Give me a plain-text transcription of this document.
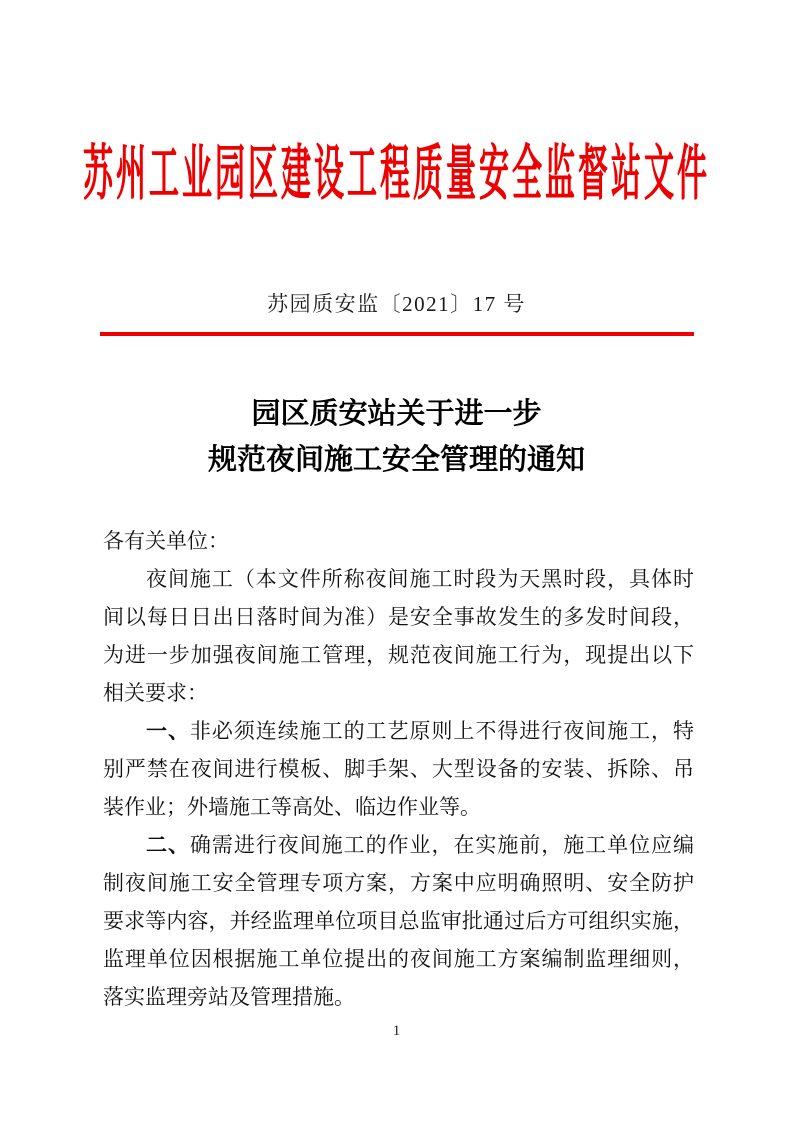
苏州工业园区建设工程质量安全监督站文件
苏园质安监〔2021〕17 号
园区质安站关于进一步
规范夜间施工安全管理的通知
各有关单位：
夜间施工（本文件所称夜间施工时段为天黑时段，具体时
间以每日日出日落时间为准）是安全事故发生的多发时间段，
为进一步加强夜间施工管理，规范夜间施工行为，现提出以下
相关要求：
一、非必须连续施工的工艺原则上不得进行夜间施工，特
别严禁在夜间进行模板、脚手架、大型设备的安装、拆除、吊
装作业；外墙施工等高处、临边作业等。
二、确需进行夜间施工的作业，在实施前，施工单位应编
制夜间施工安全管理专项方案，方案中应明确照明、安全防护
要求等内容，并经监理单位项目总监审批通过后方可组织实施，
监理单位因根据施工单位提出的夜间施工方案编制监理细则，
落实监理旁站及管理措施。
1
